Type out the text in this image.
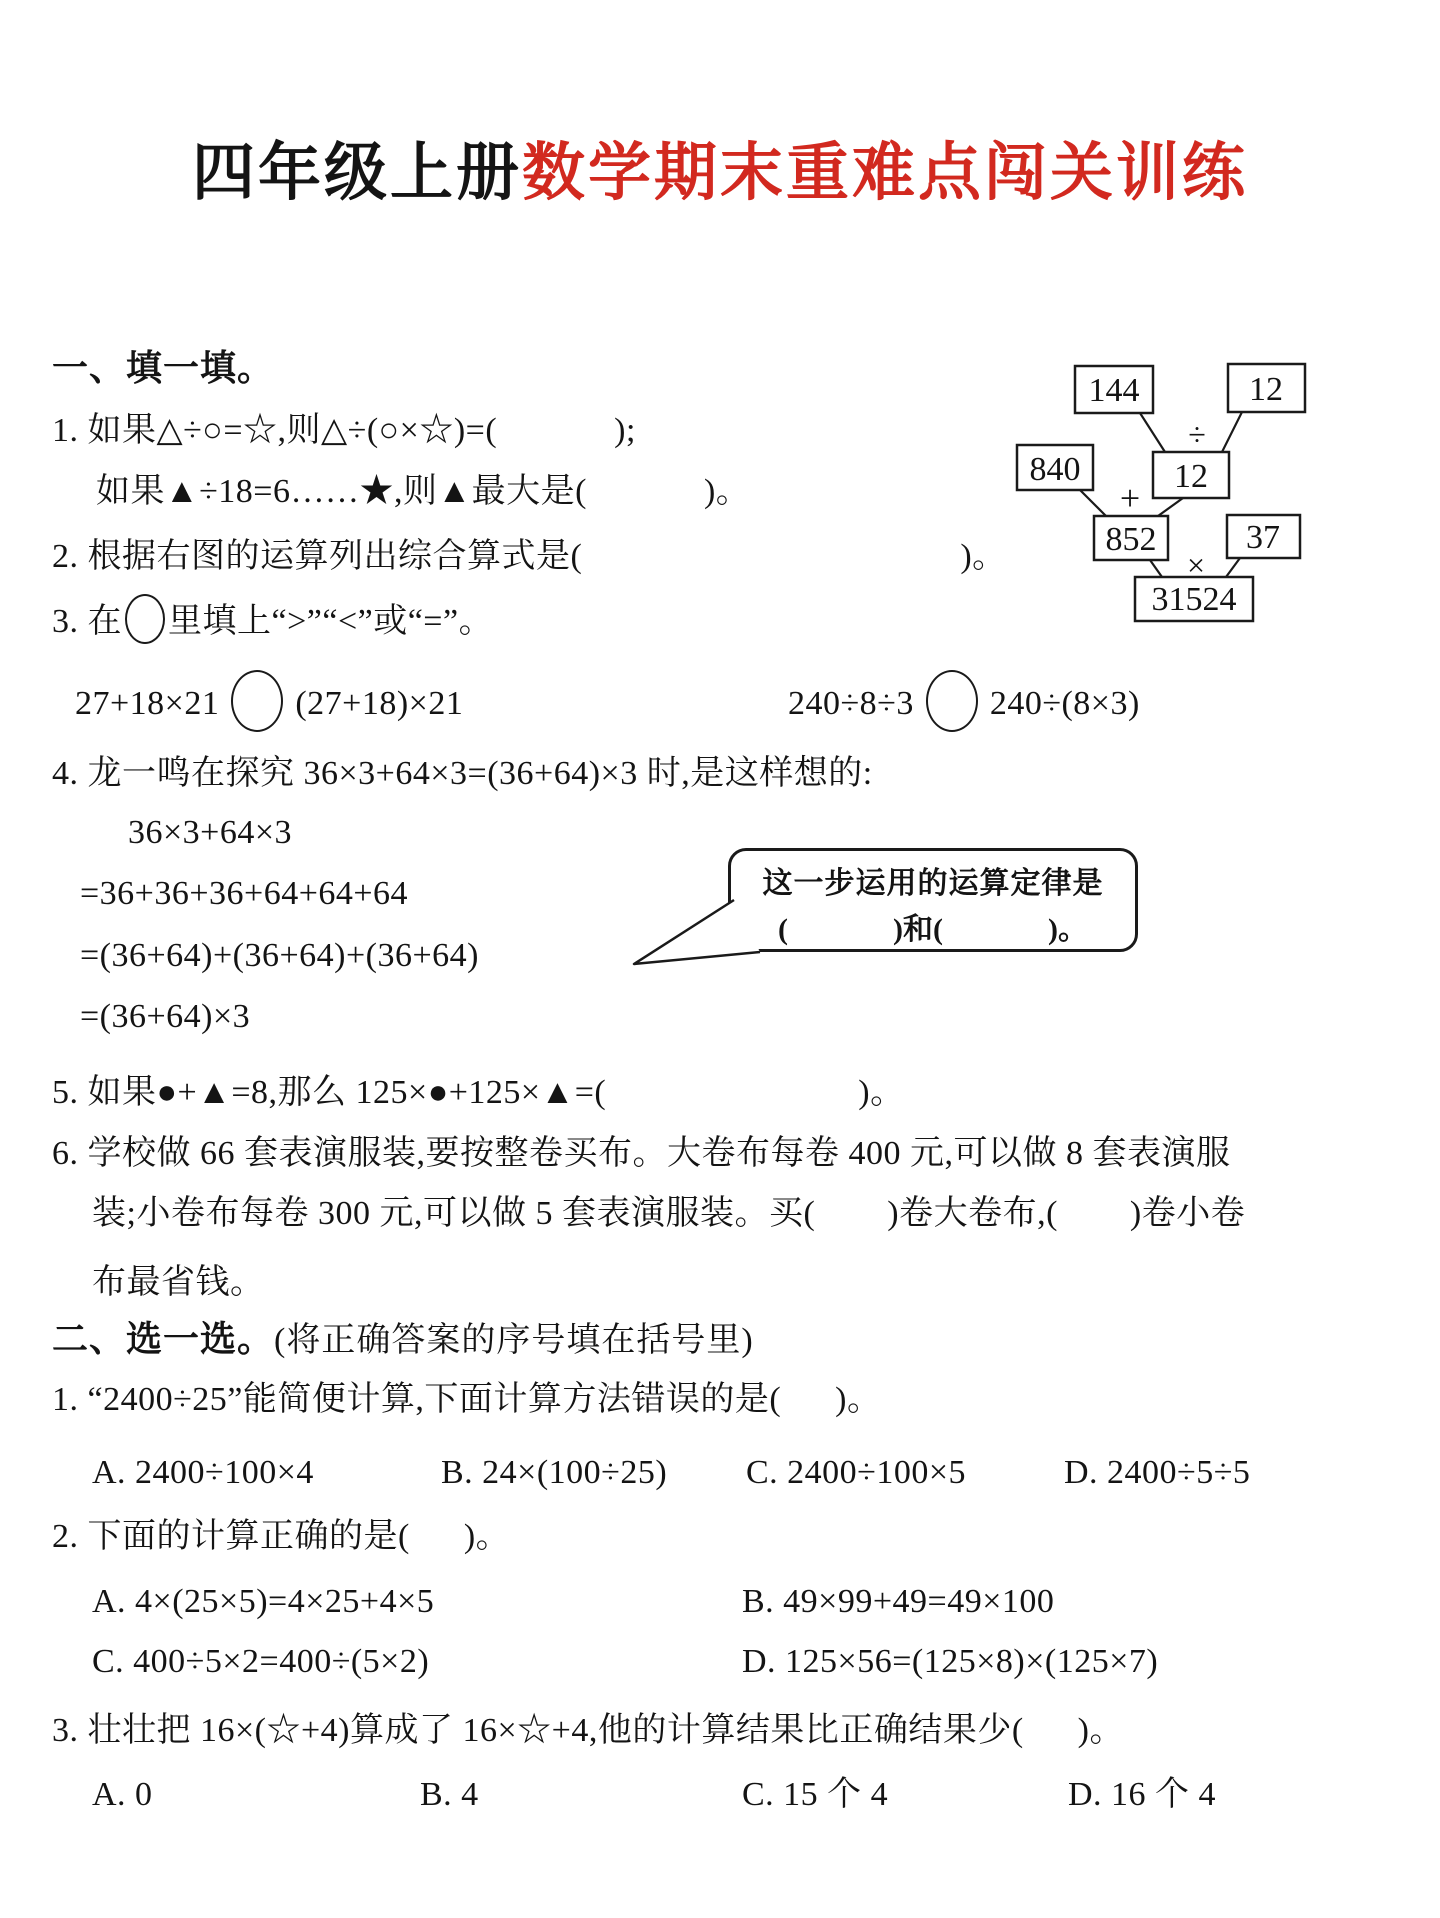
四年级上册数学期末重难点闯关训练
一、填一填。
1. 如果△÷○=☆,则△÷(○×☆)=(             );
如果▲÷18=6……★,则▲最大是(             )。
2. 根据右图的运算列出综合算式是(                                          )。
3. 在 里填上“>”“<”或“=”。
27+18×21 (27+18)×21	240÷8÷3 240÷(8×3)
4. 龙一鸣在探究 36×3+64×3=(36+64)×3 时,是这样想的:
36×3+64×3
=36+36+36+64+64+64
=(36+64)+(36+64)+(36+64)
=(36+64)×3
这一步运用的运算定律是
(              )和(              )。
5. 如果●+▲=8,那么 125×●+125×▲=(                            )。
6. 学校做 66 套表演服装,要按整卷买布。大卷布每卷 400 元,可以做 8 套表演服
装;小卷布每卷 300 元,可以做 5 套表演服装。买(        )卷大卷布,(        )卷小卷
布最省钱。
二、选一选。(将正确答案的序号填在括号里)
1. “2400÷25”能简便计算,下面计算方法错误的是(      )。

A. 2400÷100×4

	B. 24×(100÷25)

C. 2400÷100×5

	D. 2400÷5÷5

2. 下面的计算正确的是(      )。

A. 4×(25×5)=4×25+4×5

	B. 49×99+49=49×100

C. 400÷5×2=400÷(5×2)

	D. 125×56=(125×8)×(125×7)

3. 壮壮把 16×(☆+4)算成了 16×☆+4,他的计算结果比正确结果少(      )。

A. 0

	B. 4

	C. 15 个 4

	D. 16 个 4

144	12
12
840
852	37
31524
÷
+
×
